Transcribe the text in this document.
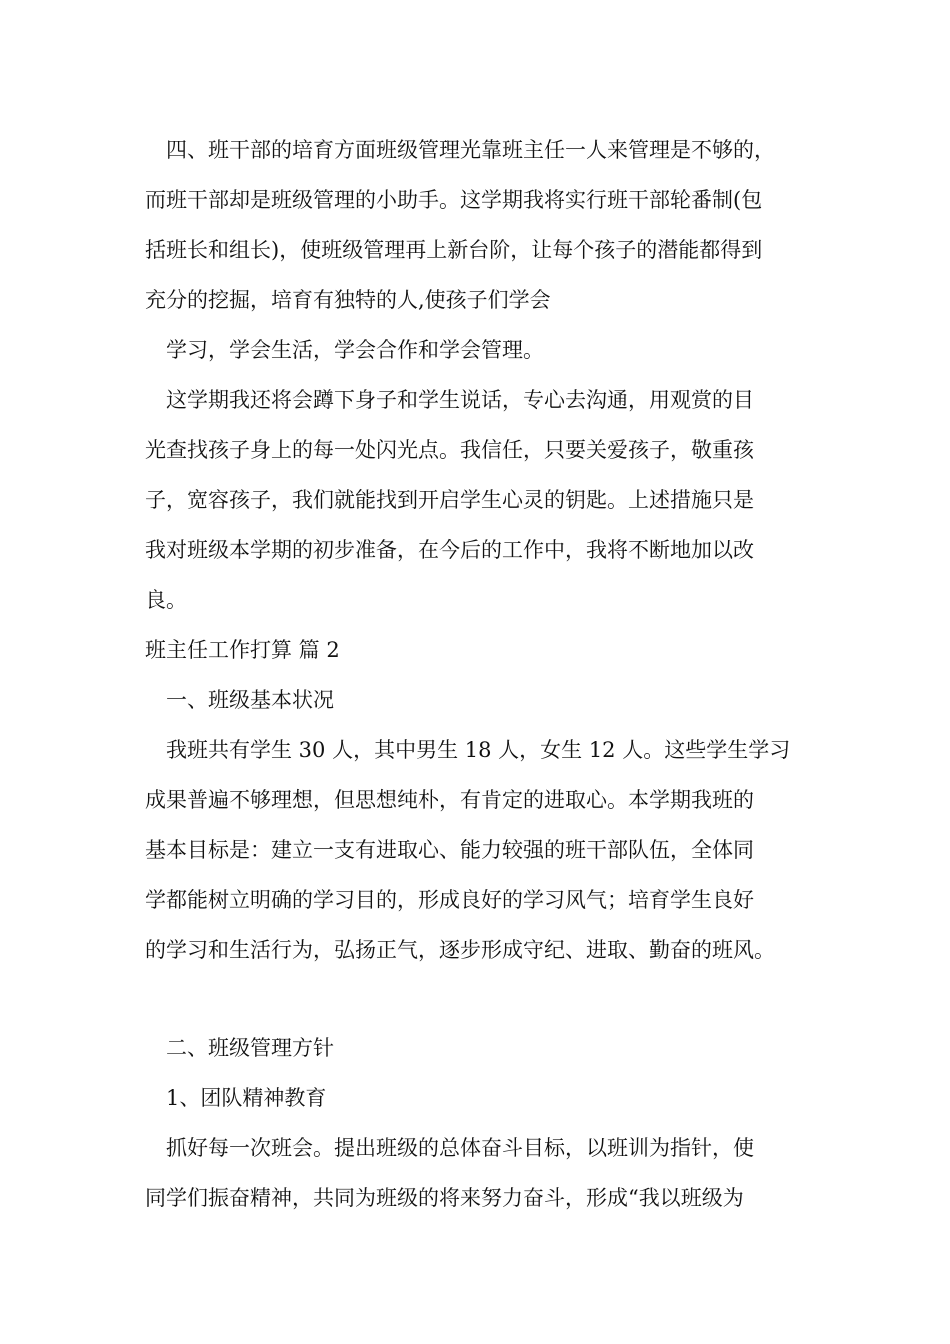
四、班干部的培育方面班级管理光靠班主任一人来管理是不够的，

而班干部却是班级管理的小助手。这学期我将实行班干部轮番制(包

括班长和组长)，使班级管理再上新台阶，让每个孩子的潜能都得到

充分的挖掘，培育有独特的人,使孩子们学会

学习，学会生活，学会合作和学会管理。

这学期我还将会蹲下身子和学生说话，专心去沟通，用观赏的目

光查找孩子身上的每一处闪光点。我信任，只要关爱孩子，敬重孩

子，宽容孩子，我们就能找到开启学生心灵的钥匙。上述措施只是

我对班级本学期的初步准备，在今后的工作中，我将不断地加以改

良。

班主任工作打算 篇 2

一、班级基本状况

我班共有学生 30 人，其中男生 18 人，女生 12 人。这些学生学习

成果普遍不够理想，但思想纯朴，有肯定的进取心。本学期我班的

基本目标是：建立一支有进取心、能力较强的班干部队伍，全体同

学都能树立明确的学习目的，形成良好的学习风气；培育学生良好

的学习和生活行为，弘扬正气，逐步形成守纪、进取、勤奋的班风。

二、班级管理方针

1、团队精神教育

抓好每一次班会。提出班级的总体奋斗目标，以班训为指针，使

同学们振奋精神，共同为班级的将来努力奋斗，形成“我以班级为
